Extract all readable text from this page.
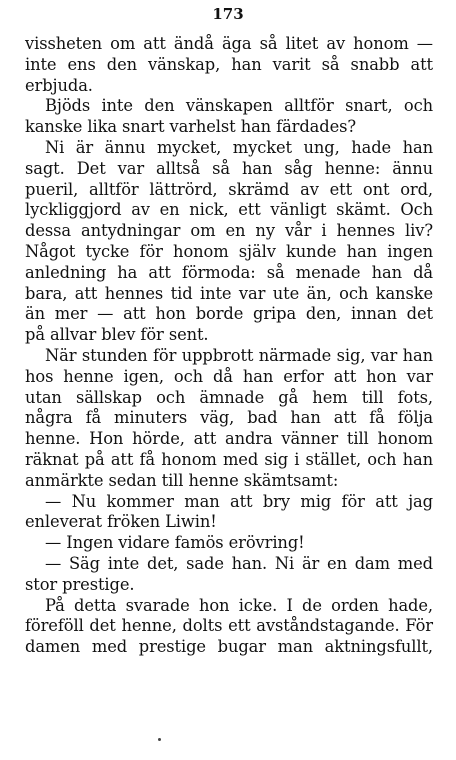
173
vissheten om att ändå äga så litet av honom —
inte ens den vänskap, han varit så snabb att
erbjuda.
Bjöds inte den vänskapen alltför snart, och
kanske lika snart varhelst han färdades?
Ni är ännu mycket, mycket ung, hade han
sagt. Det var alltså så han såg henne: ännu
pueril, alltför lättrörd, skrämd av ett ont ord,
lyckliggjord av en nick, ett vänligt skämt. Och
dessa antydningar om en ny vår i hennes liv?
Något tycke för honom själv kunde han ingen
anledning ha att förmoda: så menade han då
bara, att hennes tid inte var ute än, och kanske
än mer — att hon borde gripa den, innan det
på allvar blev för sent.
När stunden för uppbrott närmade sig, var han
hos henne igen, och då han erfor att hon var
utan sällskap och ämnade gå hem till fots,
några få minuters väg, bad han att få följa
henne. Hon hörde, att andra vänner till honom
räknat på att få honom med sig i stället, och han
anmärkte sedan till henne skämtsamt:
— Nu kommer man att bry mig för att jag
enleverat fröken Liwin!
— Ingen vidare famös erövring!
— Säg inte det, sade han. Ni är en dam med
stor prestige.
På detta svarade hon icke. I de orden hade,
föreföll det henne, dolts ett avståndstagande. För
damen med prestige bugar man aktningsfullt,
